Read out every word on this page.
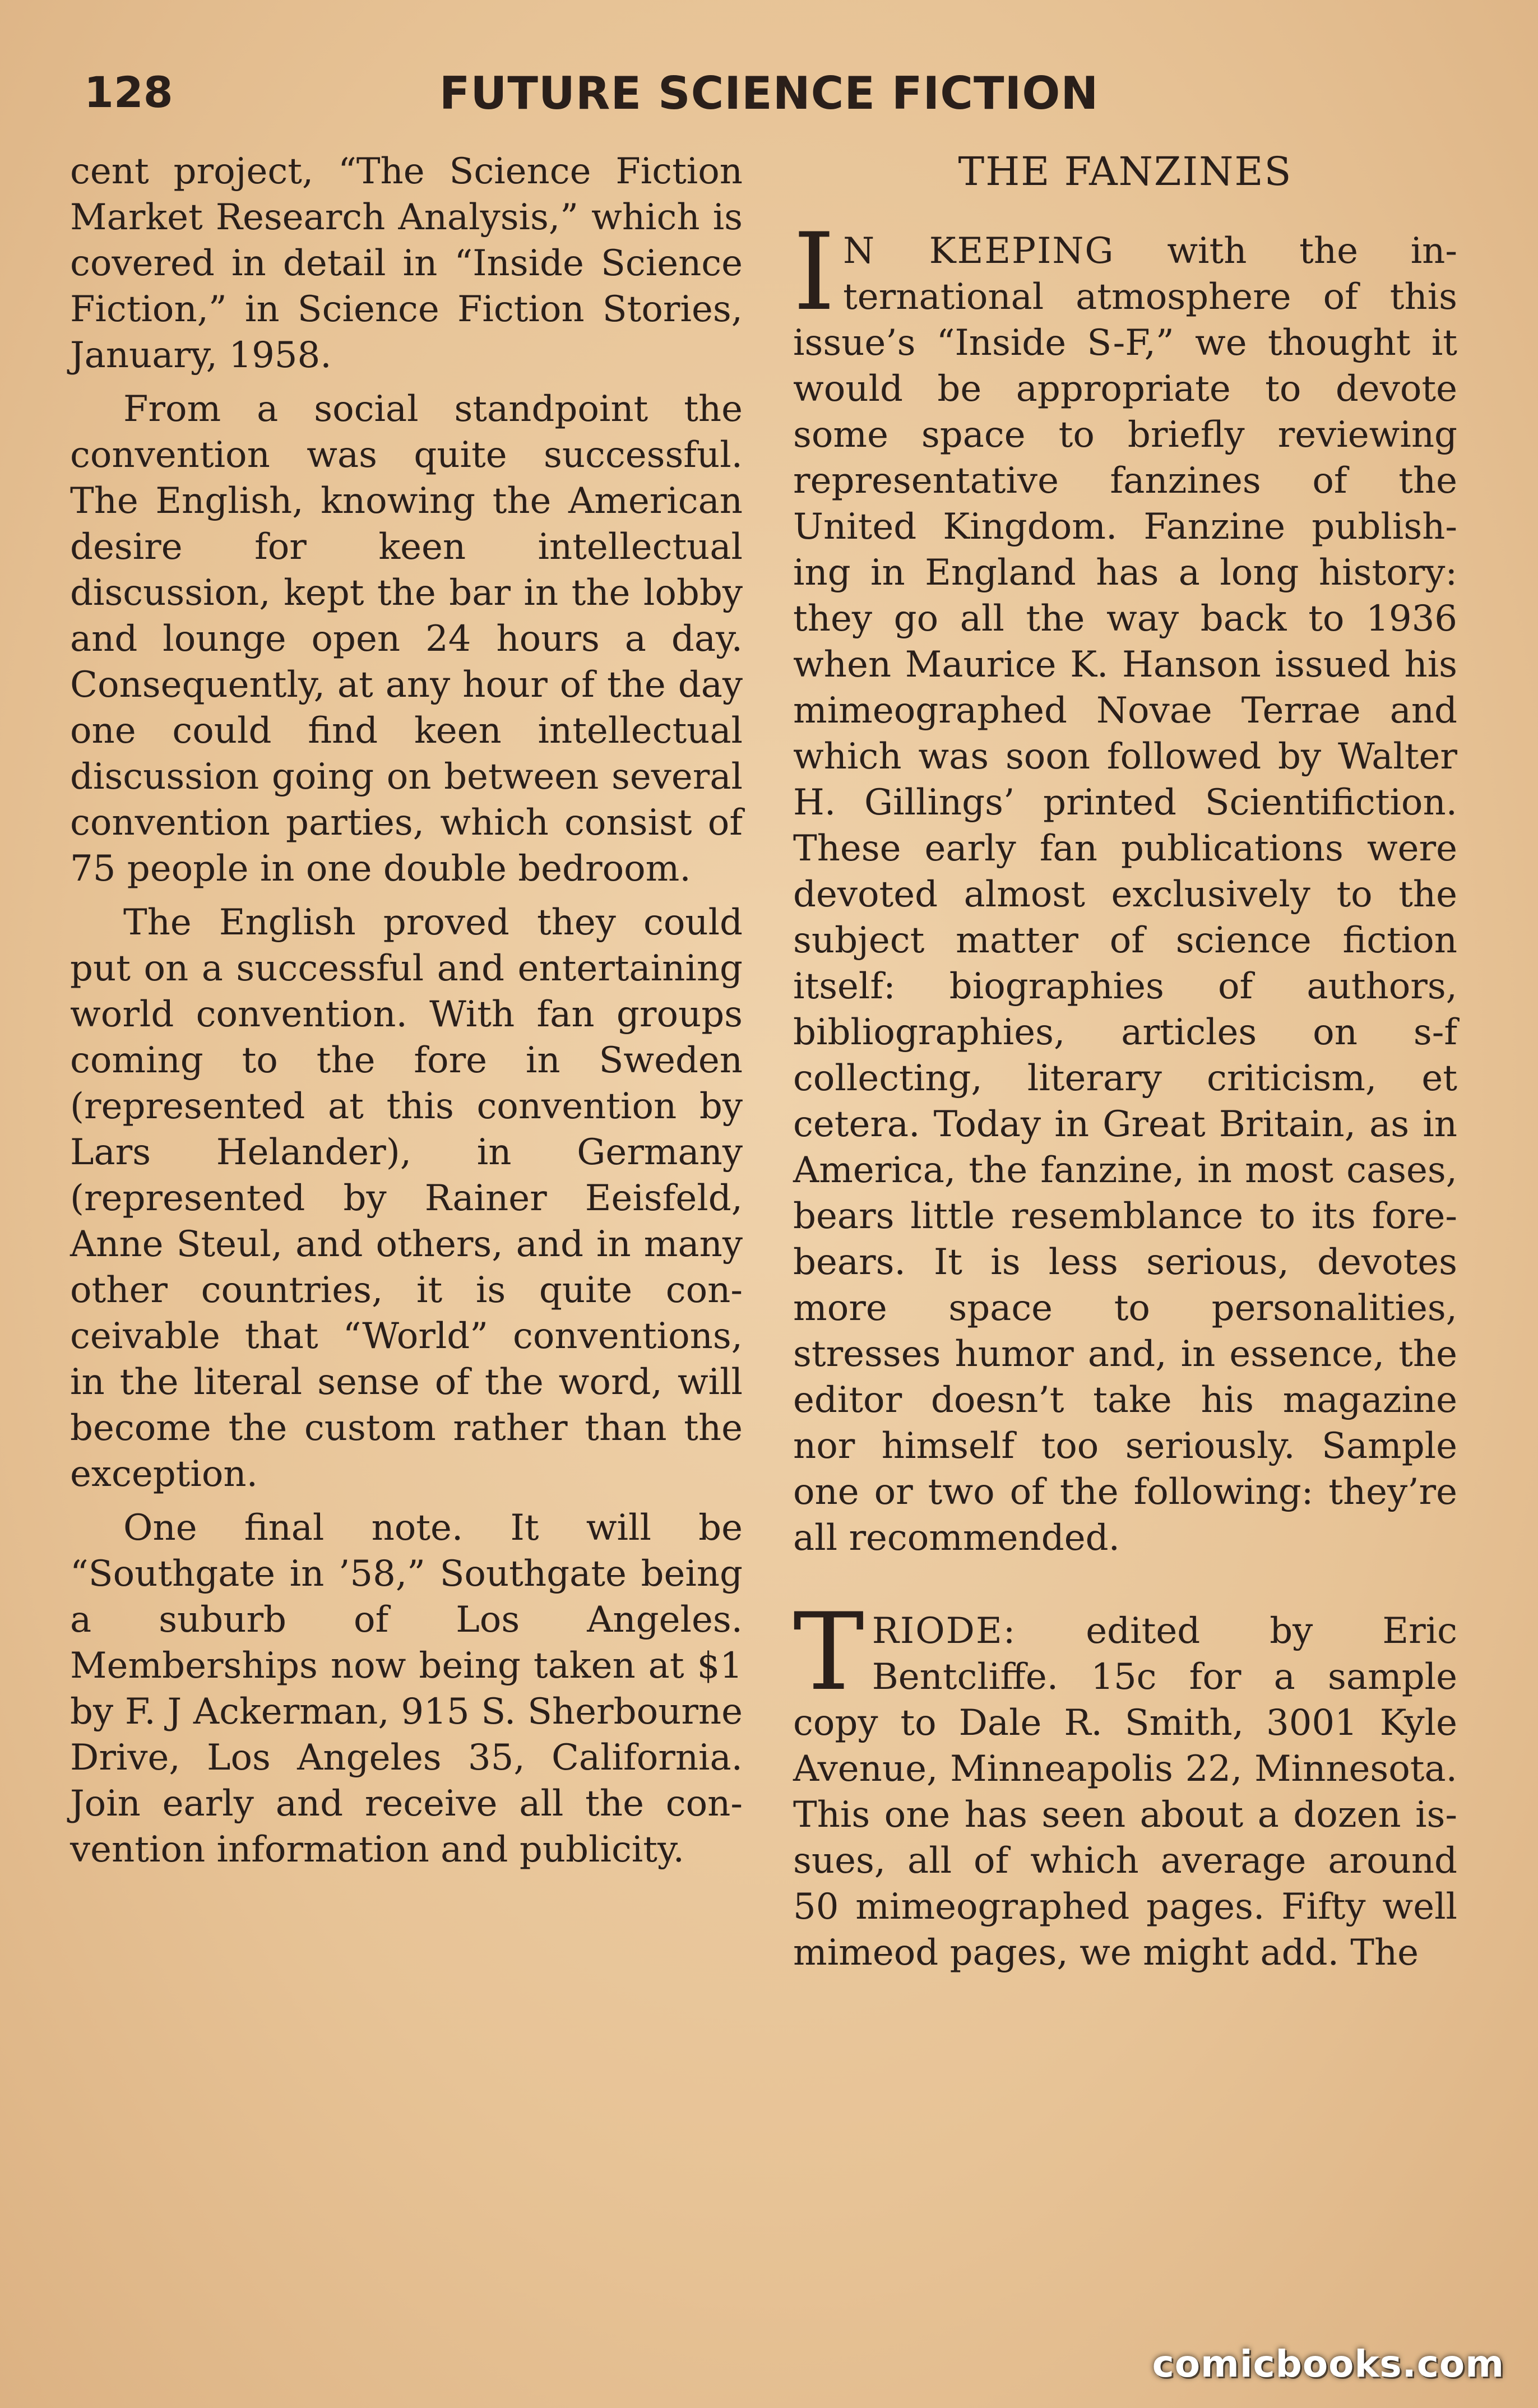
128	FUTURE SCIENCE FICTION

cent project, “The Science Fiction Market Research Analysis,” which is covered in detail in “Inside Science Fiction,” in Science Fiction Stories, January, 1958.

From a social standpoint the convention was quite successful. The English, knowing the American desire for keen intellectual discussion, kept the bar in the lobby and lounge open 24 hours a day. Consequently, at any hour of the day one could find keen intellectual discussion going on between several convention parties, which consist of 75 people in one double bedroom.

The English proved they could put on a successful and entertaining world convention. With fan groups coming to the fore in Sweden (represented at this convention by Lars Helander), in Germany (represented by Rainer Eeisfeld, Anne Steul, and others, and in many other countries, it is quite conceivable that “World” conventions, in the literal sense of the word, will become the custom rather than the exception.

One final note. It will be “Southgate in ’58,” Southgate being a suburb of Los Angeles. Memberships now being taken at $1 by F. J Ackerman, 915 S. Sherbourne Drive, Los Angeles 35, California. Join early and receive all the convention information and publicity.

THE FANZINES

I N KEEPING with the international atmosphere of this issue’s “Inside S-F,” we thought it would be appropriate to devote some space to briefly reviewing representative fanzines of the United Kingdom. Fanzine publishing in England has a long history: they go all the way back to 1936 when Maurice K. Hanson issued his mimeographed Novae Terrae and which was soon followed by Walter H. Gillings’ printed Scientifiction. These early fan publications were devoted almost exclusively to the subject matter of science fiction itself: biographies of authors, bibliographies, articles on s-f collecting, literary criticism, et cetera. Today in Great Britain, as in America, the fanzine, in most cases, bears little resemblance to its forebears. It is less serious, devotes more space to personalities, stresses humor and, in essence, the editor doesn’t take his magazine nor himself too seriously. Sample one or two of the following: they’re all recommended.

TRIODE: edited by Eric Bentcliffe. 15c for a sample copy to Dale R. Smith, 3001 Kyle Avenue, Minneapolis 22, Minnesota. This one has seen about a dozen issues, all of which average around 50 mimeographed pages. Fifty well mimeod pages, we might add. The

comicbooks.com
